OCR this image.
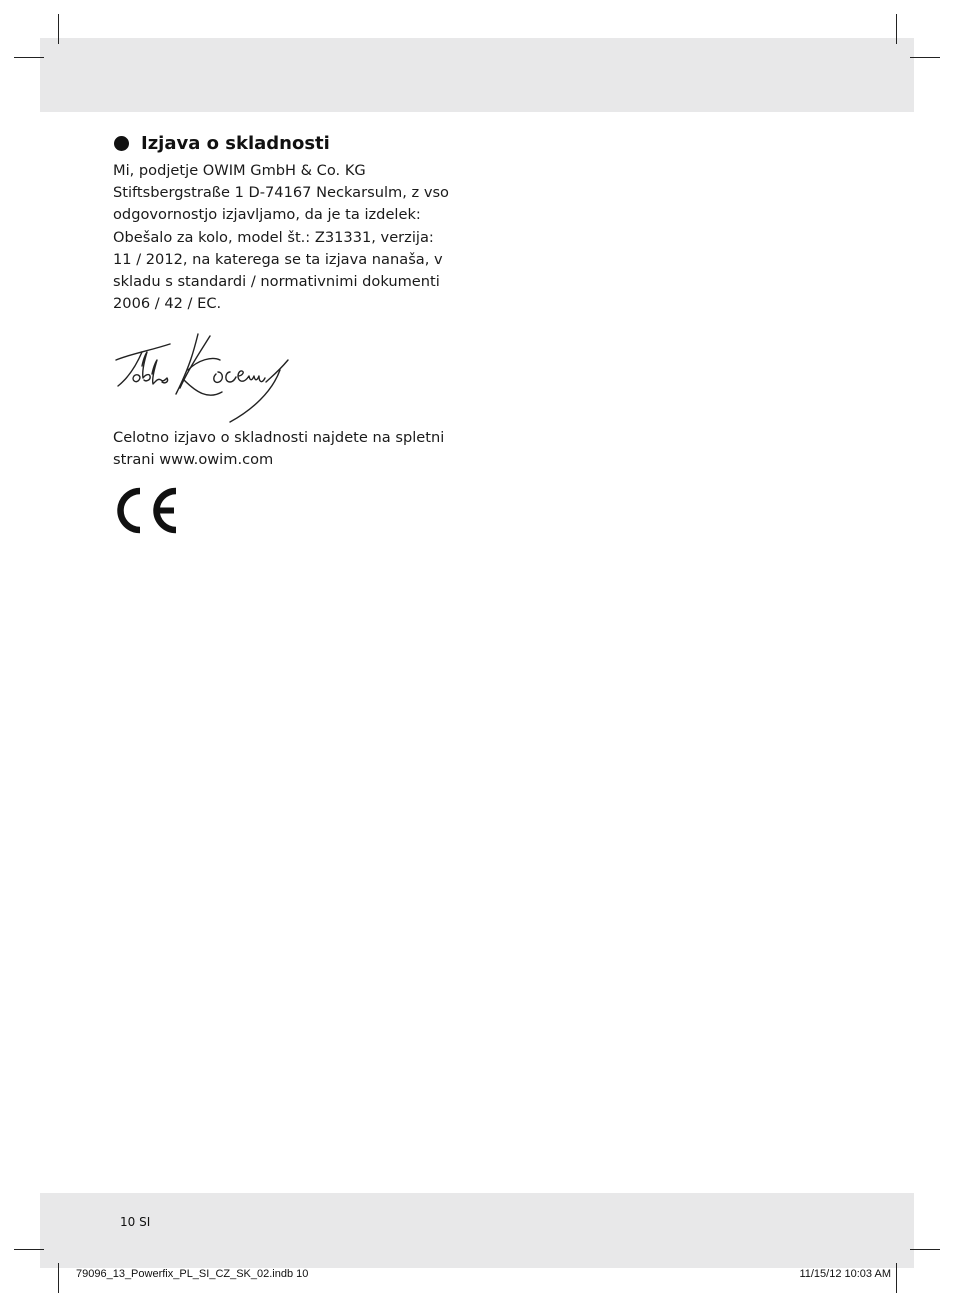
Izjava o skladnosti

Mi, podjetje OWIM GmbH & Co. KG
Stiftsbergstraße 1 D-74167 Neckarsulm, z vso
odgovornostjo izjavljamo, da je ta izdelek:
Obešalo za kolo, model št.: Z31331, verzija:
11 / 2012, na katerega se ta izjava nanaša, v
skladu s standardi / normativnimi dokumenti
2006 / 42 / EC.

Celotno izjavo o skladnosti najdete na spletni
strani www.owim.com

10 SI
79096_13_Powerfix_PL_SI_CZ_SK_02.indb 10	11/15/12 10:03 AM
